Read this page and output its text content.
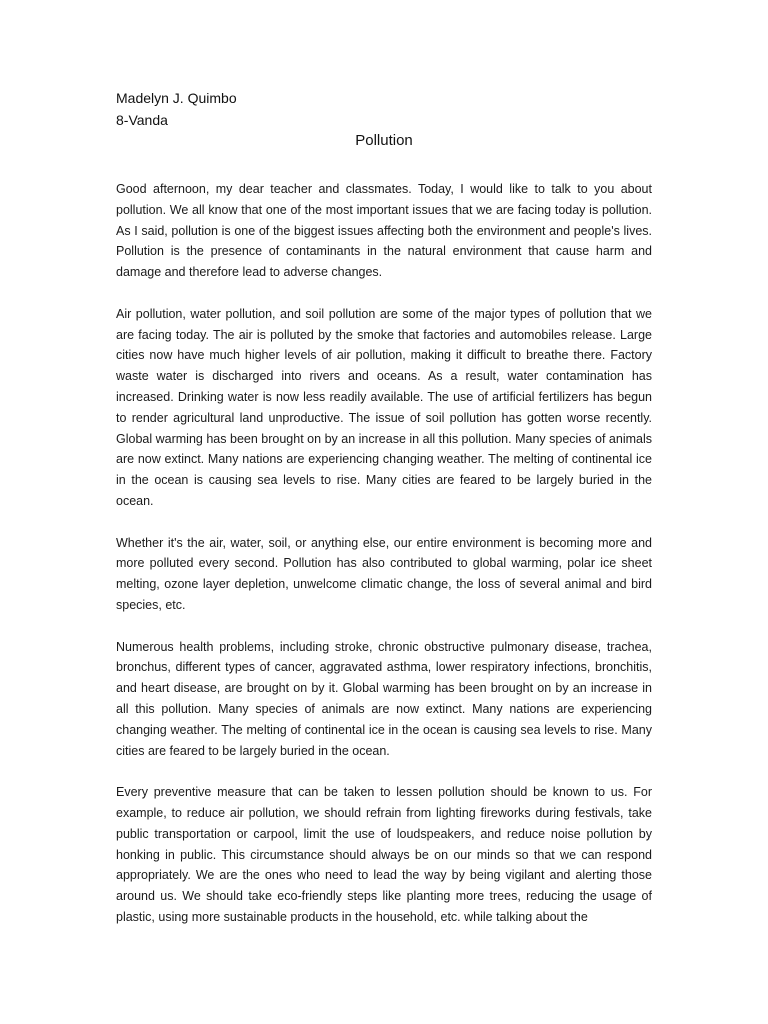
Madelyn J. Quimbo
8-Vanda
Pollution

Good afternoon, my dear teacher and classmates. Today, I would like to talk to you about pollution. We all know that one of the most important issues that we are facing today is pollution. As I said, pollution is one of the biggest issues affecting both the environment and people's lives. Pollution is the presence of contaminants in the natural environment that cause harm and damage and therefore lead to adverse changes.

Air pollution, water pollution, and soil pollution are some of the major types of pollution that we are facing today. The air is polluted by the smoke that factories and automobiles release. Large cities now have much higher levels of air pollution, making it difficult to breathe there. Factory waste water is discharged into rivers and oceans. As a result, water contamination has increased. Drinking water is now less readily available. The use of artificial fertilizers has begun to render agricultural land unproductive. The issue of soil pollution has gotten worse recently. Global warming has been brought on by an increase in all this pollution. Many species of animals are now extinct. Many nations are experiencing changing weather. The melting of continental ice in the ocean is causing sea levels to rise. Many cities are feared to be largely buried in the ocean.

Whether it's the air, water, soil, or anything else, our entire environment is becoming more and more polluted every second. Pollution has also contributed to global warming, polar ice sheet melting, ozone layer depletion, unwelcome climatic change, the loss of several animal and bird species, etc.

Numerous health problems, including stroke, chronic obstructive pulmonary disease, trachea, bronchus, different types of cancer, aggravated asthma, lower respiratory infections, bronchitis, and heart disease, are brought on by it. Global warming has been brought on by an increase in all this pollution. Many species of animals are now extinct. Many nations are experiencing changing weather. The melting of continental ice in the ocean is causing sea levels to rise. Many cities are feared to be largely buried in the ocean.

Every preventive measure that can be taken to lessen pollution should be known to us. For example, to reduce air pollution, we should refrain from lighting fireworks during festivals, take public transportation or carpool, limit the use of loudspeakers, and reduce noise pollution by honking in public. This circumstance should always be on our minds so that we can respond appropriately. We are the ones who need to lead the way by being vigilant and alerting those around us. We should take eco-friendly steps like planting more trees, reducing the usage of plastic, using more sustainable products in the household, etc. while talking about the
